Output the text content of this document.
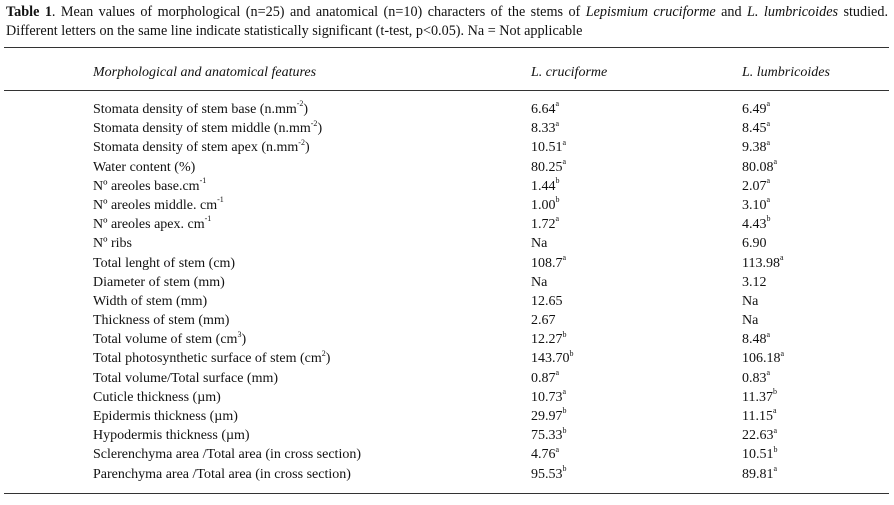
Table 1. Mean values of morphological (n=25) and anatomical (n=10) characters of the stems of Lepismium cruciforme and L. lumbricoides studied. Different letters on the same line indicate statistically significant (t-test, p<0.05). Na = Not applicable
Morphological and anatomical features	L. cruciforme	L. lumbricoides
Stomata density of stem base $(n.mm^{-2})$	6.64$^a$	6.49$^a$
Stomata density of stem middle $(n.mm^{-2})$	8.33$^a$	8.45$^a$
Stomata density of stem apex $(n.mm^{-2})$	10.51$^a$	9.38$^a$
Water content (%)	80.25$^a$	80.08$^a$
Nº areoles $base.cm^{-1}$	1.44$^b$	2.07$^a$
Nº areoles middle. $cm^{-1}$	1.00$^b$	3.10$^a$
Nº areoles apex. $cm^{-1}$	1.72$^a$	4.43$^b$
Nº ribs	Na	6.90
Total lenght of stem (cm)	108.7$^a$	113.98$^a$
Diameter of stem (mm)	Na	3.12
Width of stem (mm)	12.65	Na
Thickness of stem (mm)	2.67	Na
Total volume of stem $(cm^3)$	12.27$^b$	8.48$^a$
Total photosynthetic surface of stem $(cm^2)$	143.70$^b$	106.18$^a$
Total volume/Total surface (mm)	0.87$^a$	0.83$^a$
Cuticle thickness (µm)	10.73$^a$	11.37$^b$
Epidermis thickness (µm)	29.97$^b$	11.15$^a$
Hypodermis thickness (µm)	75.33$^b$	22.63$^a$
Sclerenchyma area /Total area (in cross section)	4.76$^a$	10.51$^b$
Parenchyma area /Total area (in cross section)	95.53$^b$	89.81$^a$
